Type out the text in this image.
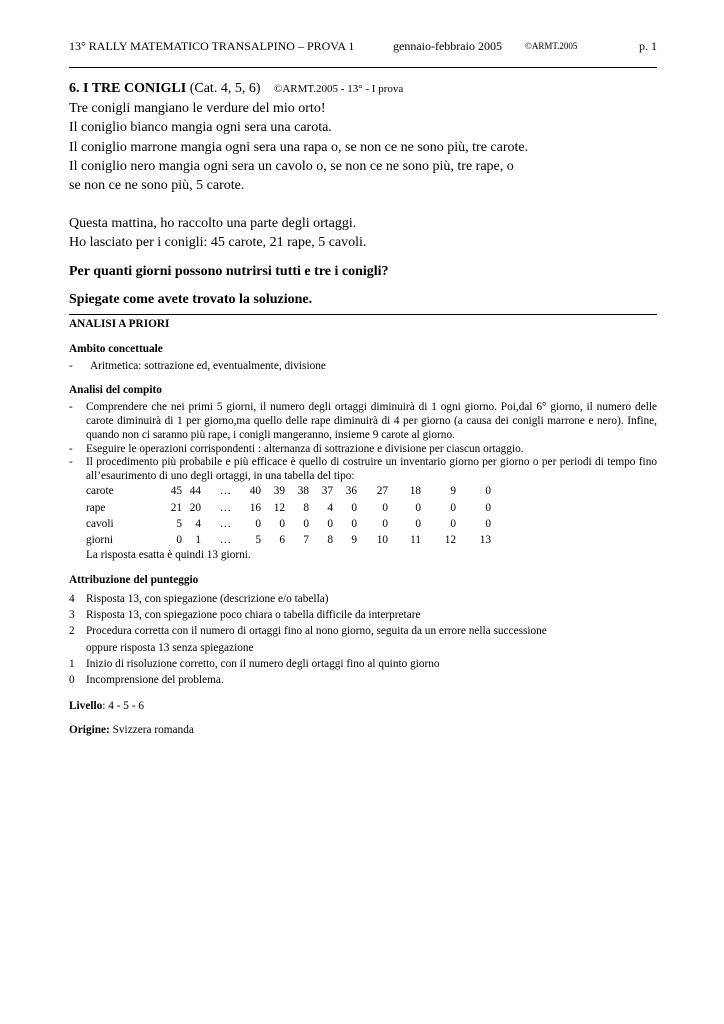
13° RALLY MATEMATICO TRANSALPINO – PROVA 1	gennaio-febbraio 2005	©ARMT.2005	p. 1

6. I TRE CONIGLI (Cat. 4, 5, 6) ©ARMT.2005 - 13° - I prova

Tre conigli mangiano le verdure del mio orto!

Il coniglio bianco mangia ogni sera una carota.

Il coniglio marrone mangia ogni sera una rapa o, se non ce ne sono più, tre carote.

Il coniglio nero mangia ogni sera un cavolo o, se non ce ne sono più, tre rape, o

se non ce ne sono più, 5 carote.

Questa mattina, ho raccolto una parte degli ortaggi.

Ho lasciato per i conigli: 45 carote, 21 rape, 5 cavoli.

Per quanti giorni possono nutrirsi tutti e tre i conigli?

Spiegate come avete trovato la soluzione.

ANALISI A PRIORI

Ambito concettuale

- Aritmetica: sottrazione ed, eventualmente, divisione

Analisi del compito

- Comprendere che nei primi 5 giorni, il numero degli ortaggi diminuirà di 1 ogni giorno. Poi,dal 6° giorno, il numero delle carote diminuirà di 1 per giorno,ma quello delle rape diminuirà di 4 per giorno (a causa dei conigli marrone e nero). Infine, quando non ci saranno più rape, i conigli mangeranno, insieme 9 carote al giorno.
- Eseguire le operazioni corrispondenti : alternanza di sottrazione e divisione per ciascun ortaggio.
- Il procedimento più probabile e più efficace è quello di costruire un inventario giorno per giorno o per periodi di tempo fino all’esaurimento di uno degli ortaggi, in una tabella del tipo:
carote	45	44	…	40	39	38	37	36	27	18	9	0
rape	21	20	…	16	12	8	4	0	0	0	0	0
cavoli	5	4	…	0	0	0	0	0	0	0	0	0
giorni	0	1	…	5	6	7	8	9	10	11	12	13

La risposta esatta è quindi 13 giorni.

Attribuzione del punteggio

4 Risposta 13, con spiegazione (descrizione e/o tabella)
3 Risposta 13, con spiegazione poco chiara o tabella difficile da interpretare
2 Procedura corretta con il numero di ortaggi fino al nono giorno, seguita da un errore nella successione
oppure risposta 13 senza spiegazione
1 Inizio di risoluzione corretto, con il numero degli ortaggi fino al quinto giorno
0 Incomprensione del problema.

Livello: 4 - 5 - 6

Origine: Svizzera romanda
